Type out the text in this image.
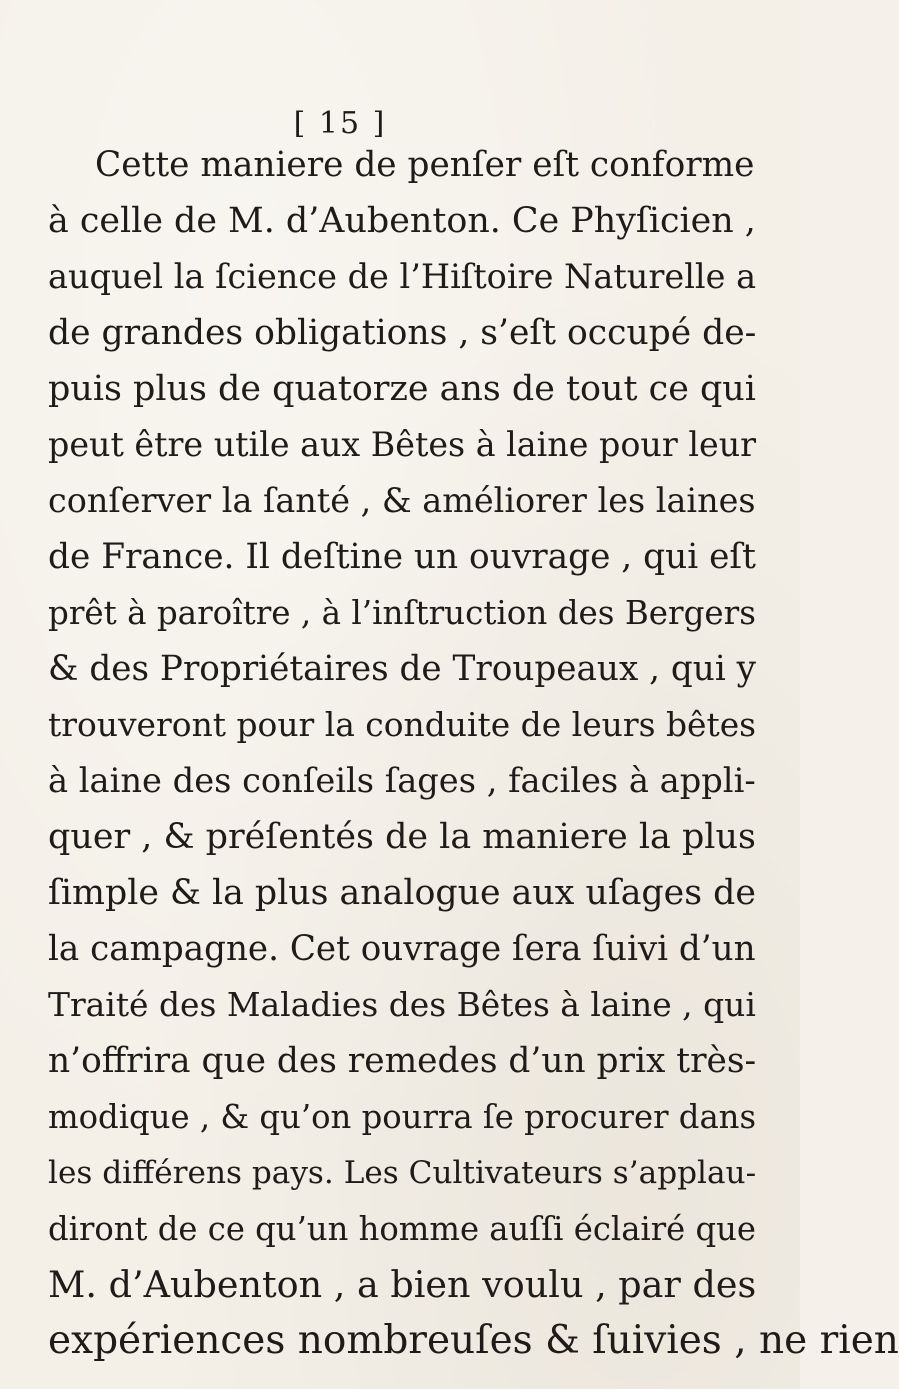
[ 15 ]
Cette maniere de penſer eſt conforme
à celle de M. d’Aubenton. Ce Phyſicien ,
auquel la ſcience de l’Hiſtoire Naturelle a
de grandes obligations , s’eſt occupé de-
puis plus de quatorze ans de tout ce qui
peut être utile aux Bêtes à laine pour leur
conſerver la ſanté , & améliorer les laines
de France. Il deſtine un ouvrage , qui eſt
prêt à paroître , à l’inſtruction des Bergers
& des Propriétaires de Troupeaux , qui y
trouveront pour la conduite de leurs bêtes
à laine des conſeils ſages , faciles à appli-
quer , & préſentés de la maniere la plus
ſimple & la plus analogue aux uſages de
la campagne. Cet ouvrage ſera ſuivi d’un
Traité des Maladies des Bêtes à laine , qui
n’offrira que des remedes d’un prix très-
modique , & qu’on pourra ſe procurer dans
les différens pays. Les Cultivateurs s’applau-
diront de ce qu’un homme auſſi éclairé que
M. d’Aubenton , a bien voulu , par des
expériences nombreuſes & ſuivies , ne rien
